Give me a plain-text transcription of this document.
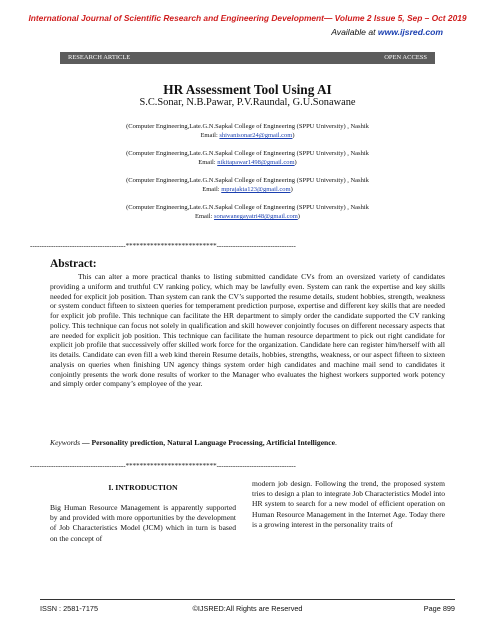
International Journal of Scientific Research and Engineering Development— Volume 2 Issue 5, Sep – Oct 2019
Available at www.ijsred.com
RESEARCH ARTICLE	OPEN ACCESS
HR Assessment Tool Using AI
S.C.Sonar, N.B.Pawar, P.V.Raundal, G.U.Sonawane
(Computer Engineering,Late.G.N.Sapkal College of Engineering (SPPU University) , Nashik
Email: shivanisonar24@gmail.com)
(Computer Engineering,Late.G.N.Sapkal College of Engineering (SPPU University) , Nashik
Email: nikitapawar1498@gmail.com)
(Computer Engineering,Late.G.N.Sapkal College of Engineering (SPPU University) , Nashik
Email: mprajakta123@gmail.com)
(Computer Engineering,Late.G.N.Sapkal College of Engineering (SPPU University) , Nashik
Email: sonawanegayatri48@gmail.com)
-----------------------------------------**************************----------------------------------
Abstract:

This can alter a more practical thanks to listing submitted candidate CVs from an oversized variety of candidates providing a uniform and truthful CV ranking policy, which may be lawfully even. System can rank the expertise and key skills needed for explicit job position. Than system can rank the CV’s supported the resume details, student hobbies, strength, weakness or system conduct fifteen to sixteen queries for temperament prediction purpose, expertise and different key skills that are needed for explicit job profile. This technique can facilitate the HR department to simply order the candidate supported the CV ranking policy. This technique can focus not solely in qualification and skill however conjointly focuses on different necessary aspects that are needed for explicit job position. This technique can facilitate the human resource department to pick out right candidate for explicit job profile that successively offer skilled work force for the organization. Candidate here can register him/herself with all its details. Candidate can even fill a web kind therein Resume details, hobbies, strengths, weakness, or our aspect fifteen to sixteen analysis on queries when finishing UN agency things system order high candidates and machine mail send to candidates it conjointly presents the work done results of worker to the Manager who evaluates the highest workers supported work potency and simply order company’s employee of the year.

Keywords — Personality prediction, Natural Language Processing, Artificial Intelligence.
-----------------------------------------**************************----------------------------------
I. INTRODUCTION

Big Human Resource Management is apparently supported by and provided with more opportunities by the development of Job Characteristics Model (JCM) which in turn is based on the concept of

modern job design. Following the trend, the proposed system tries to design a plan to integrate Job Characteristics Model into HR system to search for a new model of efficient operation on Human Resource Management in the Internet Age. Today there is a growing interest in the personality traits of

ISSN : 2581-7175	©IJSRED:All Rights are Reserved	Page 899
